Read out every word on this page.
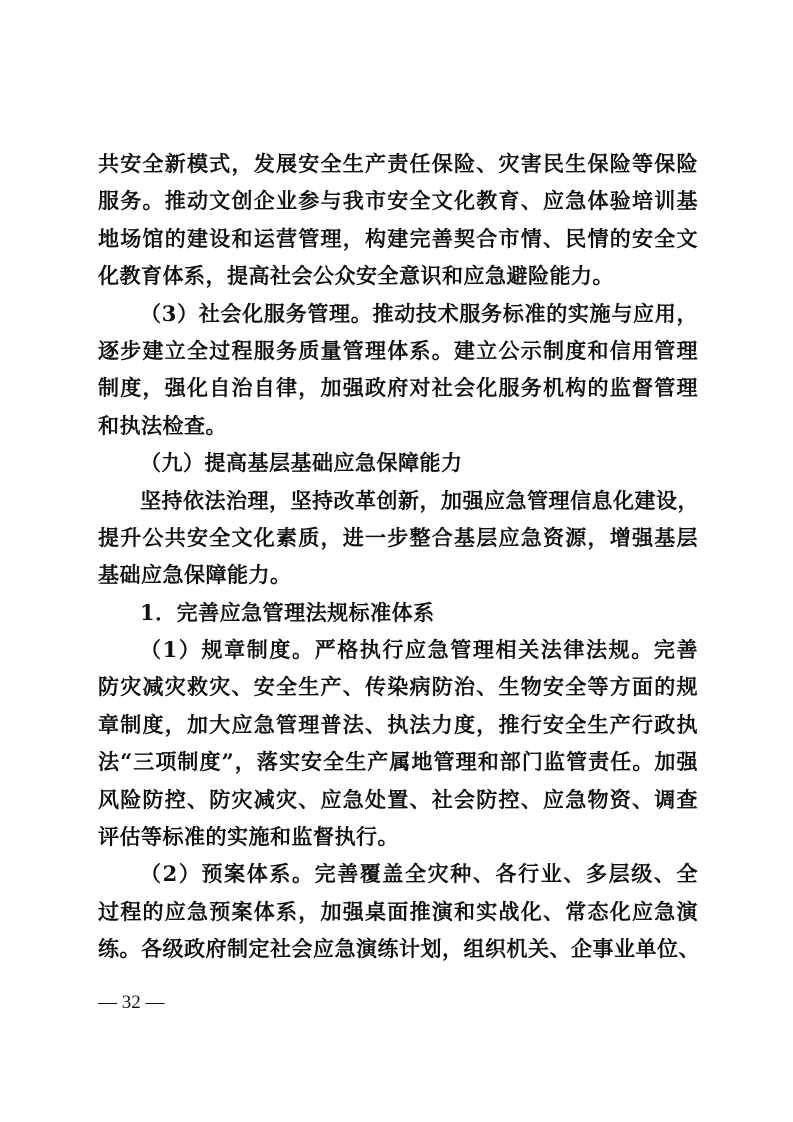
共安全新模式，发展安全生产责任保险、灾害民生保险等保险
服务。推动文创企业参与我市安全文化教育、应急体验培训基
地场馆的建设和运营管理，构建完善契合市情、民情的安全文
化教育体系，提高社会公众安全意识和应急避险能力。
（3）社会化服务管理。推动技术服务标准的实施与应用，
逐步建立全过程服务质量管理体系。建立公示制度和信用管理
制度，强化自治自律，加强政府对社会化服务机构的监督管理
和执法检查。
（九）提高基层基础应急保障能力
坚持依法治理，坚持改革创新，加强应急管理信息化建设，
提升公共安全文化素质，进一步整合基层应急资源，增强基层
基础应急保障能力。
1．完善应急管理法规标准体系
（1）规章制度。严格执行应急管理相关法律法规。完善
防灾减灾救灾、安全生产、传染病防治、生物安全等方面的规
章制度，加大应急管理普法、执法力度，推行安全生产行政执
法“三项制度”，落实安全生产属地管理和部门监管责任。加强
风险防控、防灾减灾、应急处置、社会防控、应急物资、调查
评估等标准的实施和监督执行。
（2）预案体系。完善覆盖全灾种、各行业、多层级、全
过程的应急预案体系，加强桌面推演和实战化、常态化应急演
练。各级政府制定社会应急演练计划，组织机关、企事业单位、
— 32 —
